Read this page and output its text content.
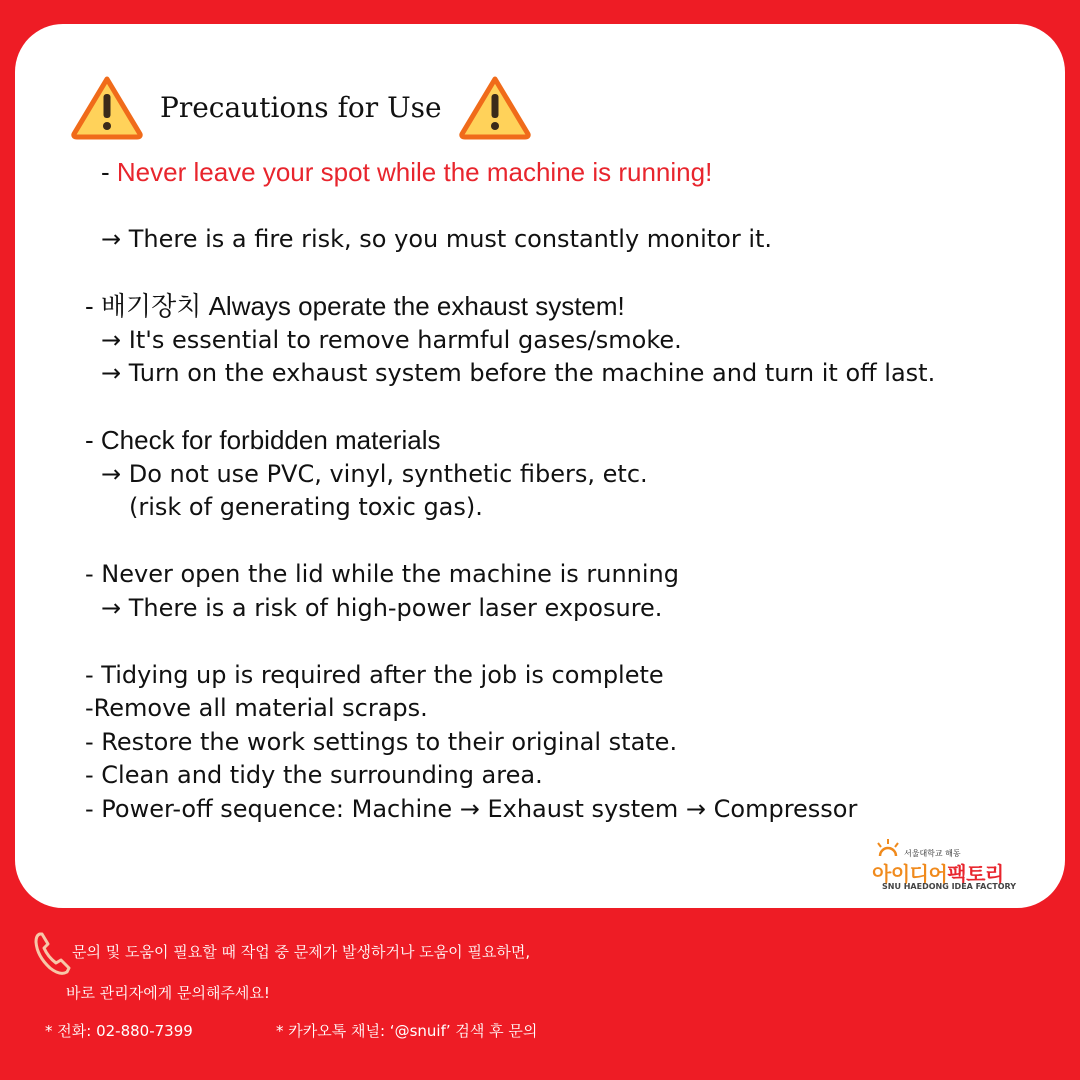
Precautions for Use
- Never leave your spot while the machine is running!
→ There is a fire risk, so you must constantly monitor it.
- 배기장치 Always operate the exhaust system!
→ It's essential to remove harmful gases/smoke.
→ Turn on the exhaust system before the machine and turn it off last.
- Check for forbidden materials
→ Do not use PVC, vinyl, synthetic fibers, etc.
(risk of generating toxic gas).
- Never open the lid while the machine is running
→ There is a risk of high-power laser exposure.
- Tidying up is required after the job is complete
-Remove all material scraps.
- Restore the work settings to their original state.
- Clean and tidy the surrounding area.
- Power-off sequence: Machine → Exhaust system → Compressor
서울대학교 해동
아이디어팩토리
SNU HAEDONG IDEA FACTORY
문의 및 도움이 필요할 때 작업 중 문제가 발생하거나 도움이 필요하면,
바로 관리자에게 문의해주세요!
* 전화: 02-880-7399	* 카카오톡 채널: ‘@snuif’ 검색 후 문의
